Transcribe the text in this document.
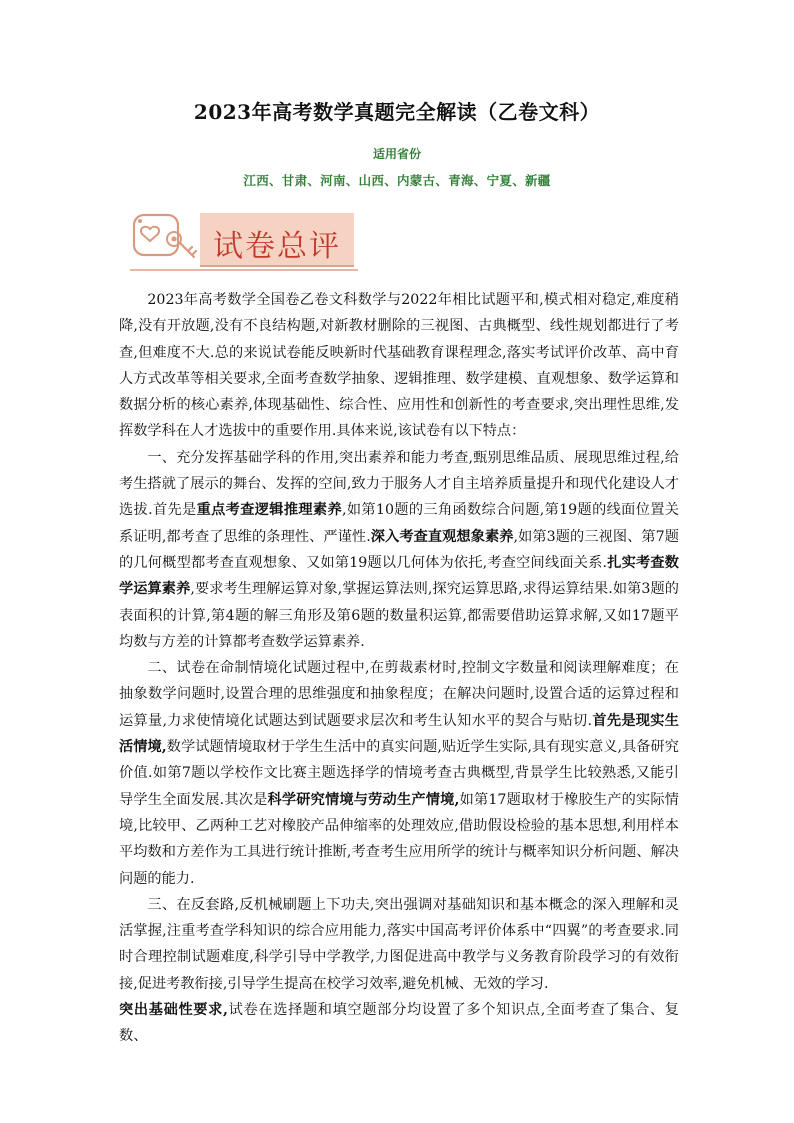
2023年高考数学真题完全解读（乙卷文科）
适用省份
江西、甘肃、河南、山西、内蒙古、青海、宁夏、新疆
试卷总评

2023年高考数学全国卷乙卷文科数学与2022年相比试题平和,模式相对稳定,难度稍降,没有开放题,没有不良结构题,对新教材删除的三视图、古典概型、线性规划都进行了考查,但难度不大.总的来说试卷能反映新时代基础教育课程理念,落实考试评价改革、高中育人方式改革等相关要求,全面考查数学抽象、逻辑推理、数学建模、直观想象、数学运算和数据分析的核心素养,体现基础性、综合性、应用性和创新性的考查要求,突出理性思维,发挥数学科在人才选拔中的重要作用.具体来说,该试卷有以下特点：

一、充分发挥基础学科的作用,突出素养和能力考查,甄别思维品质、展现思维过程,给考生搭就了展示的舞台、发挥的空间,致力于服务人才自主培养质量提升和现代化建设人才选拔.首先是重点考查逻辑推理素养,如第10题的三角函数综合问题,第19题的线面位置关系证明,都考查了思维的条理性、严谨性.深入考查直观想象素养,如第3题的三视图、第7题的几何概型都考查直观想象、又如第19题以几何体为依托,考查空间线面关系.扎实考查数学运算素养,要求考生理解运算对象,掌握运算法则,探究运算思路,求得运算结果.如第3题的表面积的计算,第4题的解三角形及第6题的数量积运算,都需要借助运算求解,又如17题平均数与方差的计算都考查数学运算素养.

二、试卷在命制情境化试题过程中,在剪裁素材时,控制文字数量和阅读理解难度；在抽象数学问题时,设置合理的思维强度和抽象程度；在解决问题时,设置合适的运算过程和运算量,力求使情境化试题达到试题要求层次和考生认知水平的契合与贴切.首先是现实生活情境,数学试题情境取材于学生生活中的真实问题,贴近学生实际,具有现实意义,具备研究价值.如第7题以学校作文比赛主题选择学的情境考查古典概型,背景学生比较熟悉,又能引导学生全面发展.其次是科学研究情境与劳动生产情境,如第17题取材于橡胶生产的实际情境,比较甲、乙两种工艺对橡胶产品伸缩率的处理效应,借助假设检验的基本思想,利用样本平均数和方差作为工具进行统计推断,考查考生应用所学的统计与概率知识分析问题、解决问题的能力.

三、在反套路,反机械刷题上下功夫,突出强调对基础知识和基本概念的深入理解和灵活掌握,注重考查学科知识的综合应用能力,落实中国高考评价体系中“四翼”的考查要求.同时合理控制试题难度,科学引导中学教学,力图促进高中教学与义务教育阶段学习的有效衔接,促进考教衔接,引导学生提高在校学习效率,避免机械、无效的学习.

突出基础性要求,试卷在选择题和填空题部分均设置了多个知识点,全面考查了集合、复数、
